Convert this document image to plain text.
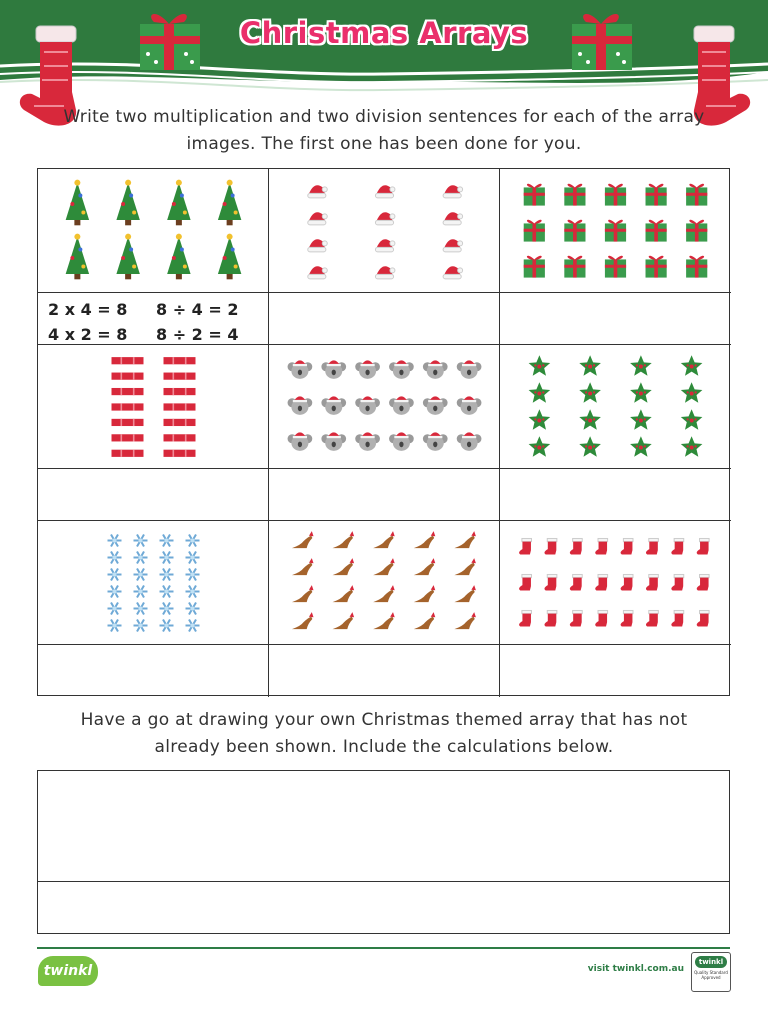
Christmas Arrays
Write two multiplication and two division sentences for each of the array images. The first one has been done for you.
2 x 4 = 8	8 ÷ 4 = 2
4 x 2 = 8	8 ÷ 2 = 4
Have a go at drawing your own Christmas themed array that has not already been shown. Include the calculations below.
twinkl	visit twinkl.com.au
twinkl
Quality Standard Approved
